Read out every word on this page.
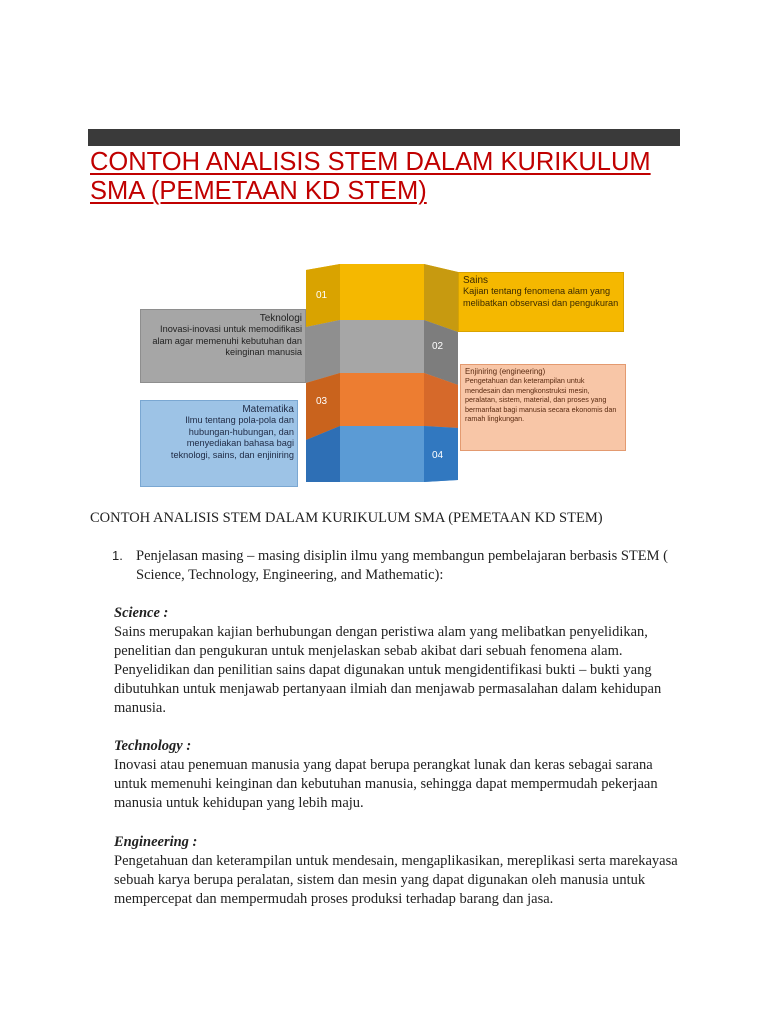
CONTOH ANALISIS STEM DALAM KURIKULUM
SMA (PEMETAAN KD STEM)
01
02
03
04
Teknologi
Inovasi-inovasi untuk memodifikasi alam agar memenuhi kebutuhan dan keinginan manusia
Matematika
Ilmu tentang pola-pola dan hubungan-hubungan, dan menyediakan bahasa bagi teknologi, sains, dan enjiniring
Sains
Kajian tentang fenomena alam yang melibatkan observasi dan pengukuran
Enjiniring (engineering)
Pengetahuan dan keterampilan untuk mendesain dan mengkonstruksi mesin, peralatan, sistem, material, dan proses yang bermanfaat bagi manusia secara ekonomis dan ramah lingkungan.
CONTOH ANALISIS STEM DALAM KURIKULUM SMA (PEMETAAN KD STEM)
1. Penjelasan masing – masing disiplin ilmu yang membangun pembelajaran berbasis STEM ( Science, Technology, Engineering, and Mathematic):
Science :
Sains merupakan kajian berhubungan dengan peristiwa alam yang melibatkan penyelidikan, penelitian dan pengukuran untuk menjelaskan sebab akibat dari sebuah fenomena alam. Penyelidikan dan penilitian sains dapat digunakan untuk mengidentifikasi bukti – bukti yang dibutuhkan untuk menjawab pertanyaan ilmiah dan menjawab permasalahan dalam kehidupan manusia.
Technology :
Inovasi atau penemuan manusia yang dapat berupa perangkat lunak dan keras sebagai sarana untuk memenuhi keinginan dan kebutuhan manusia, sehingga dapat mempermudah pekerjaan manusia untuk kehidupan yang lebih maju.
Engineering :
Pengetahuan dan keterampilan untuk mendesain, mengaplikasikan, mereplikasi serta marekayasa sebuah karya berupa peralatan, sistem dan mesin yang dapat digunakan oleh manusia untuk mempercepat dan mempermudah proses produksi terhadap barang dan jasa.
